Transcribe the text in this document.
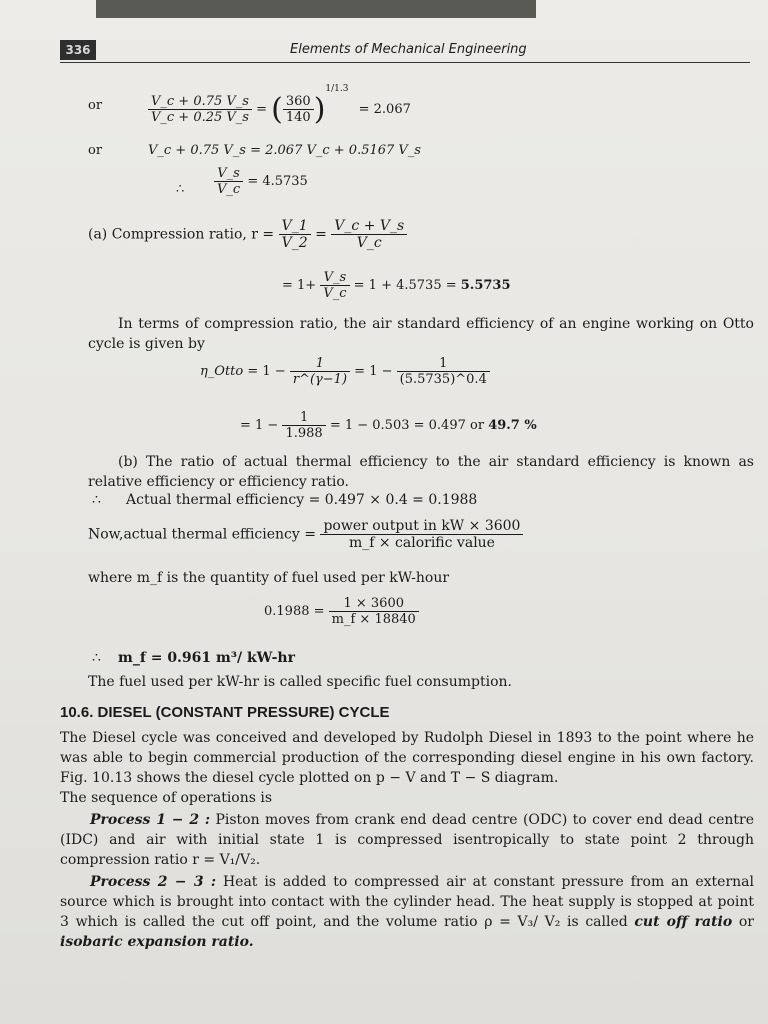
336	Elements of Mechanical Engineering
or	$\frac{V\_c + 0.75 V\_s}{V\_c + 0.25 V\_s}$ = ( $\frac{360}{140} )^{1/1.3} = 2.067$
or	V_c + 0.75 V_s = 2.067 V_c + 0.5167 V_s
∴ $\frac{V\_s}{V\_c} = 4.5735$
(a) Compression ratio, $r = \frac{V\_1}{V\_2} = \frac{V\_c + V\_s}{V\_c}$
= $1+ \frac{V\_s}{V\_c} = 1 + 4.5735 = 5.5735$
In terms of compression ratio, the air standard efficiency of an engine working on Otto cycle is given by
η_Otto = $1 - \frac{1}{r\^{}(\gamma-1)} = 1 - \frac{1}{(5.5735)\^{}0.4}$
= $1 - \frac{1}{1.988} = 1 - 0.503 = 0.497$ or 49.7 %
(b) The ratio of actual thermal efficiency to the air standard efficiency is known as relative efficiency or efficiency ratio.
∴ Actual thermal efficiency = 0.497 × 0.4 = 0.1988
Now,actual thermal efficiency = $\frac{\text{power output in kW × 3600}}{\text{m\_f × calorific value}}$
where m_f is the quantity of fuel used per kW-hour
$0.1988 = \frac{1 \times 3600}{m\_f \times 18840}$
∴ m_f = 0.961 m³/ kW-hr
The fuel used per kW-hr is called specific fuel consumption.
10.6. DIESEL (CONSTANT PRESSURE) CYCLE
The Diesel cycle was conceived and developed by Rudolph Diesel in 1893 to the point where he was able to begin commercial production of the corresponding diesel engine in his own factory. Fig. 10.13 shows the diesel cycle plotted on p − V and T − S diagram.
The sequence of operations is
Process 1 − 2 : Piston moves from crank end dead centre (ODC) to cover end dead centre (IDC) and air with initial state 1 is compressed isentropically to state point 2 through compression ratio r = V₁/V₂.
Process 2 − 3 : Heat is added to compressed air at constant pressure from an external source which is brought into contact with the cylinder head. The heat supply is stopped at point 3 which is called the cut off point, and the volume ratio ρ = V₃/ V₂ is called cut off ratio or isobaric expansion ratio.
